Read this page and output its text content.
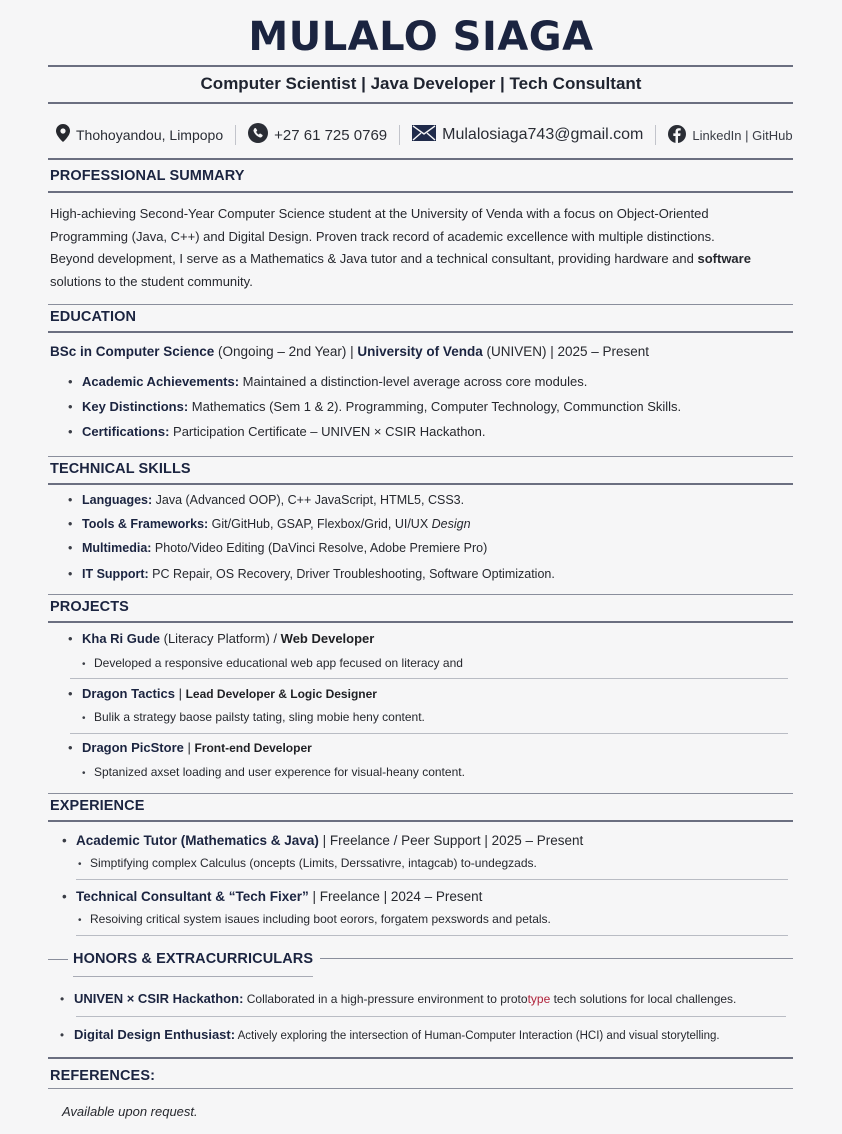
MULALO SIAGA
Computer Scientist | Java Developer | Tech Consultant
Thohoyandou, Limpopo	+27 61 725 0769	Mulalosiaga743@gmail.com	LinkedIn | GitHub
PROFESSIONAL SUMMARY
High-achieving Second-Year Computer Science student at the University of Venda with a focus on Object-Oriented
Programming (Java, C++) and Digital Design. Proven track record of academic excellence with multiple distinctions.
Beyond development, I serve as a Mathematics & Java tutor and a technical consultant, providing hardware and software
solutions to the student community.
EDUCATION
BSc in Computer Science (Ongoing – 2nd Year) | University of Venda (UNIVEN) | 2025 – Present
• Academic Achievements: Maintained a distinction-level average across core modules.
• Key Distinctions: Mathematics (Sem 1 & 2). Programming, Computer Technology, Communction Skills.
• Certifications: Participation Certificate – UNIVEN × CSIR Hackathon.
TECHNICAL SKILLS
• Languages: Java (Advanced OOP), C++ JavaScript, HTML5, CSS3.
• Tools & Frameworks: Git/GitHub, GSAP, Flexbox/Grid, UI/UX Design
• Multimedia: Photo/Video Editing (DaVinci Resolve, Adobe Premiere Pro)
• IT Support: PC Repair, OS Recovery, Driver Troubleshooting, Software Optimization.
PROJECTS
• Kha Ri Gude (Literacy Platform) / Web Developer
• Developed a responsive educational web app fecused on literacy and
• Dragon Tactics | Lead Developer & Logic Designer
• Bulik a strategy baose pailsty tating, sling mobie heny content.
• Dragon PicStore | Front-end Developer
• Sptanized axset loading and user experence for visual-heany content.
EXPERIENCE
• Academic Tutor (Mathematics & Java) | Freelance / Peer Support | 2025 – Present
• Simptifying complex Calculus (oncepts (Limits, Derssativre, intagcab) to-undegzads.
• Technical Consultant & “Tech Fixer” | Freelance | 2024 – Present
• Resoiving critical system isaues including boot eorors, forgatem pexswords and petals.
HONORS & EXTRACURRICULARS
• UNIVEN × CSIR Hackathon: Collaborated in a high-pressure environment to prototype tech solutions for local challenges.
• Digital Design Enthusiast: Actively exploring the intersection of Human-Computer Interaction (HCI) and visual storytelling.
REFERENCES:
Available upon request.
